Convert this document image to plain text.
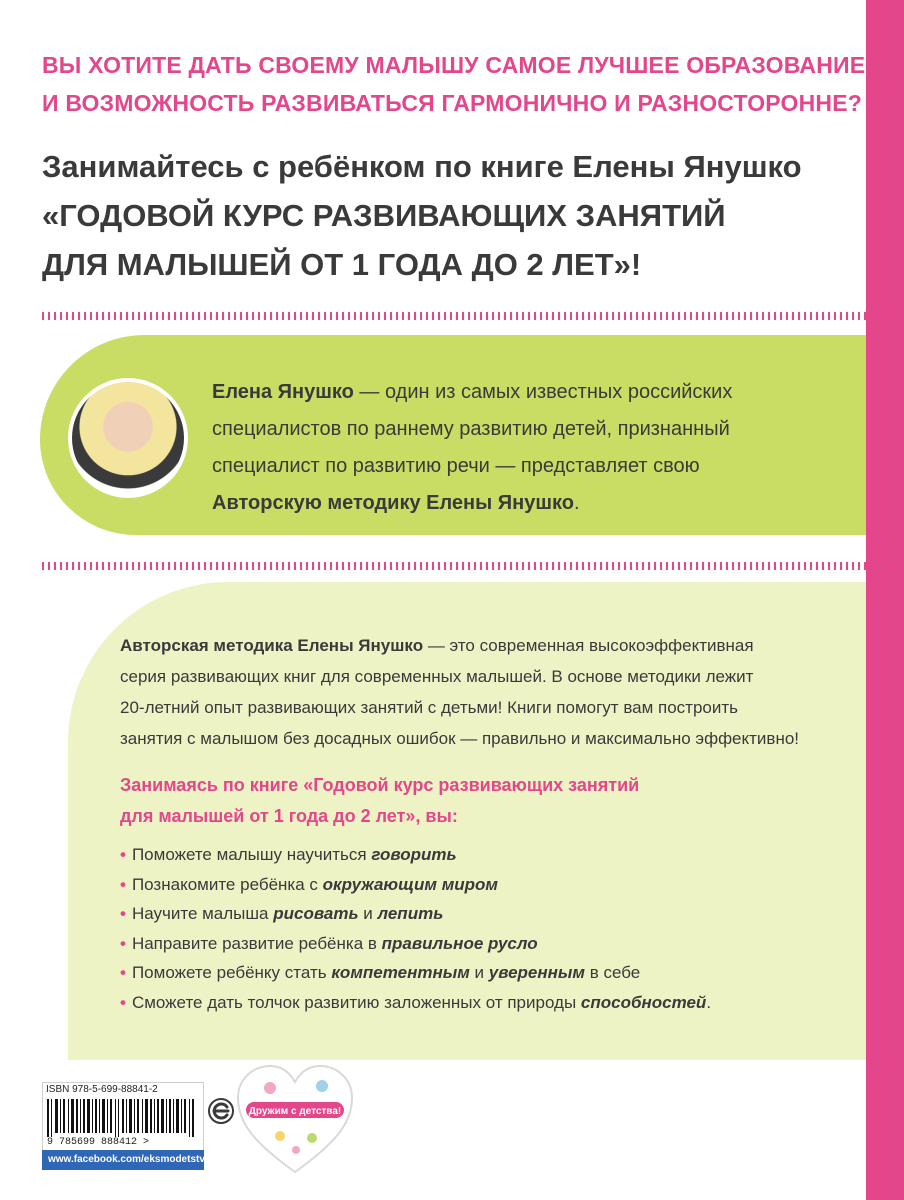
ВЫ ХОТИТЕ ДАТЬ СВОЕМУ МАЛЫШУ САМОЕ ЛУЧШЕЕ ОБРАЗОВАНИЕ
И ВОЗМОЖНОСТЬ РАЗВИВАТЬСЯ ГАРМОНИЧНО И РАЗНОСТОРОННЕ?
Занимайтесь с ребёнком по книге Елены Янушко
«ГОДОВОЙ КУРС РАЗВИВАЮЩИХ ЗАНЯТИЙ
ДЛЯ МАЛЫШЕЙ ОТ 1 ГОДА ДО 2 ЛЕТ»!
Елена Янушко — один из самых известных российских
специалистов по раннему развитию детей, признанный
специалист по развитию речи — представляет свою
Авторскую методику Елены Янушко.
Авторская методика Елены Янушко — это современная высокоэффективная
серия развивающих книг для современных малышей. В основе методики лежит
20-летний опыт развивающих занятий с детьми! Книги помогут вам построить
занятия с малышом без досадных ошибок — правильно и максимально эффективно!
Занимаясь по книге «Годовой курс развивающих занятий
для малышей от 1 года до 2 лет», вы:
• Поможете малышу научиться говорить
• Познакомите ребёнка с окружающим миром
• Научите малыша рисовать и лепить
• Направите развитие ребёнка в правильное русло
• Поможете ребёнку стать компетентным и уверенным в себе
• Сможете дать толчок развитию заложенных от природы способностей.
ISBN 978-5-699-88841-2
9 785699 888412 >
www.facebook.com/eksmodetstvo
Дружим с детства!
